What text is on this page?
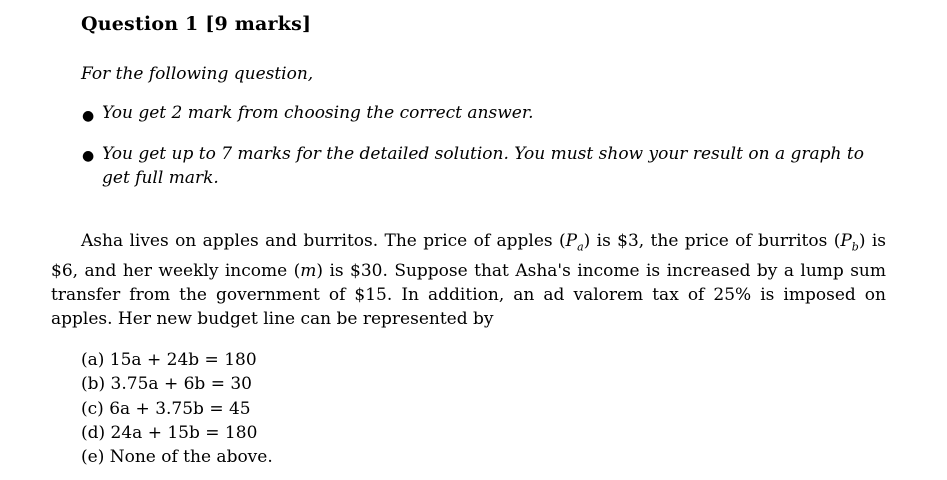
Question 1 [9 marks]
For the following question,
● You get 2 mark from choosing the correct answer.
● You get up to 7 marks for the detailed solution. You must show your result on a graph to get full mark.
Asha lives on apples and burritos. The price of apples $(P_a)$ is $3, the price of burritos $(P_b)$ is $6, and her weekly income (m) is $30. Suppose that Asha's income is increased by a lump sum transfer from the government of $15. In addition, an ad valorem tax of 25% is imposed on apples. Her new budget line can be represented by
(a) 15a + 24b = 180
(b) 3.75a + 6b = 30
(c) 6a + 3.75b = 45
(d) 24a + 15b = 180
(e) None of the above.
